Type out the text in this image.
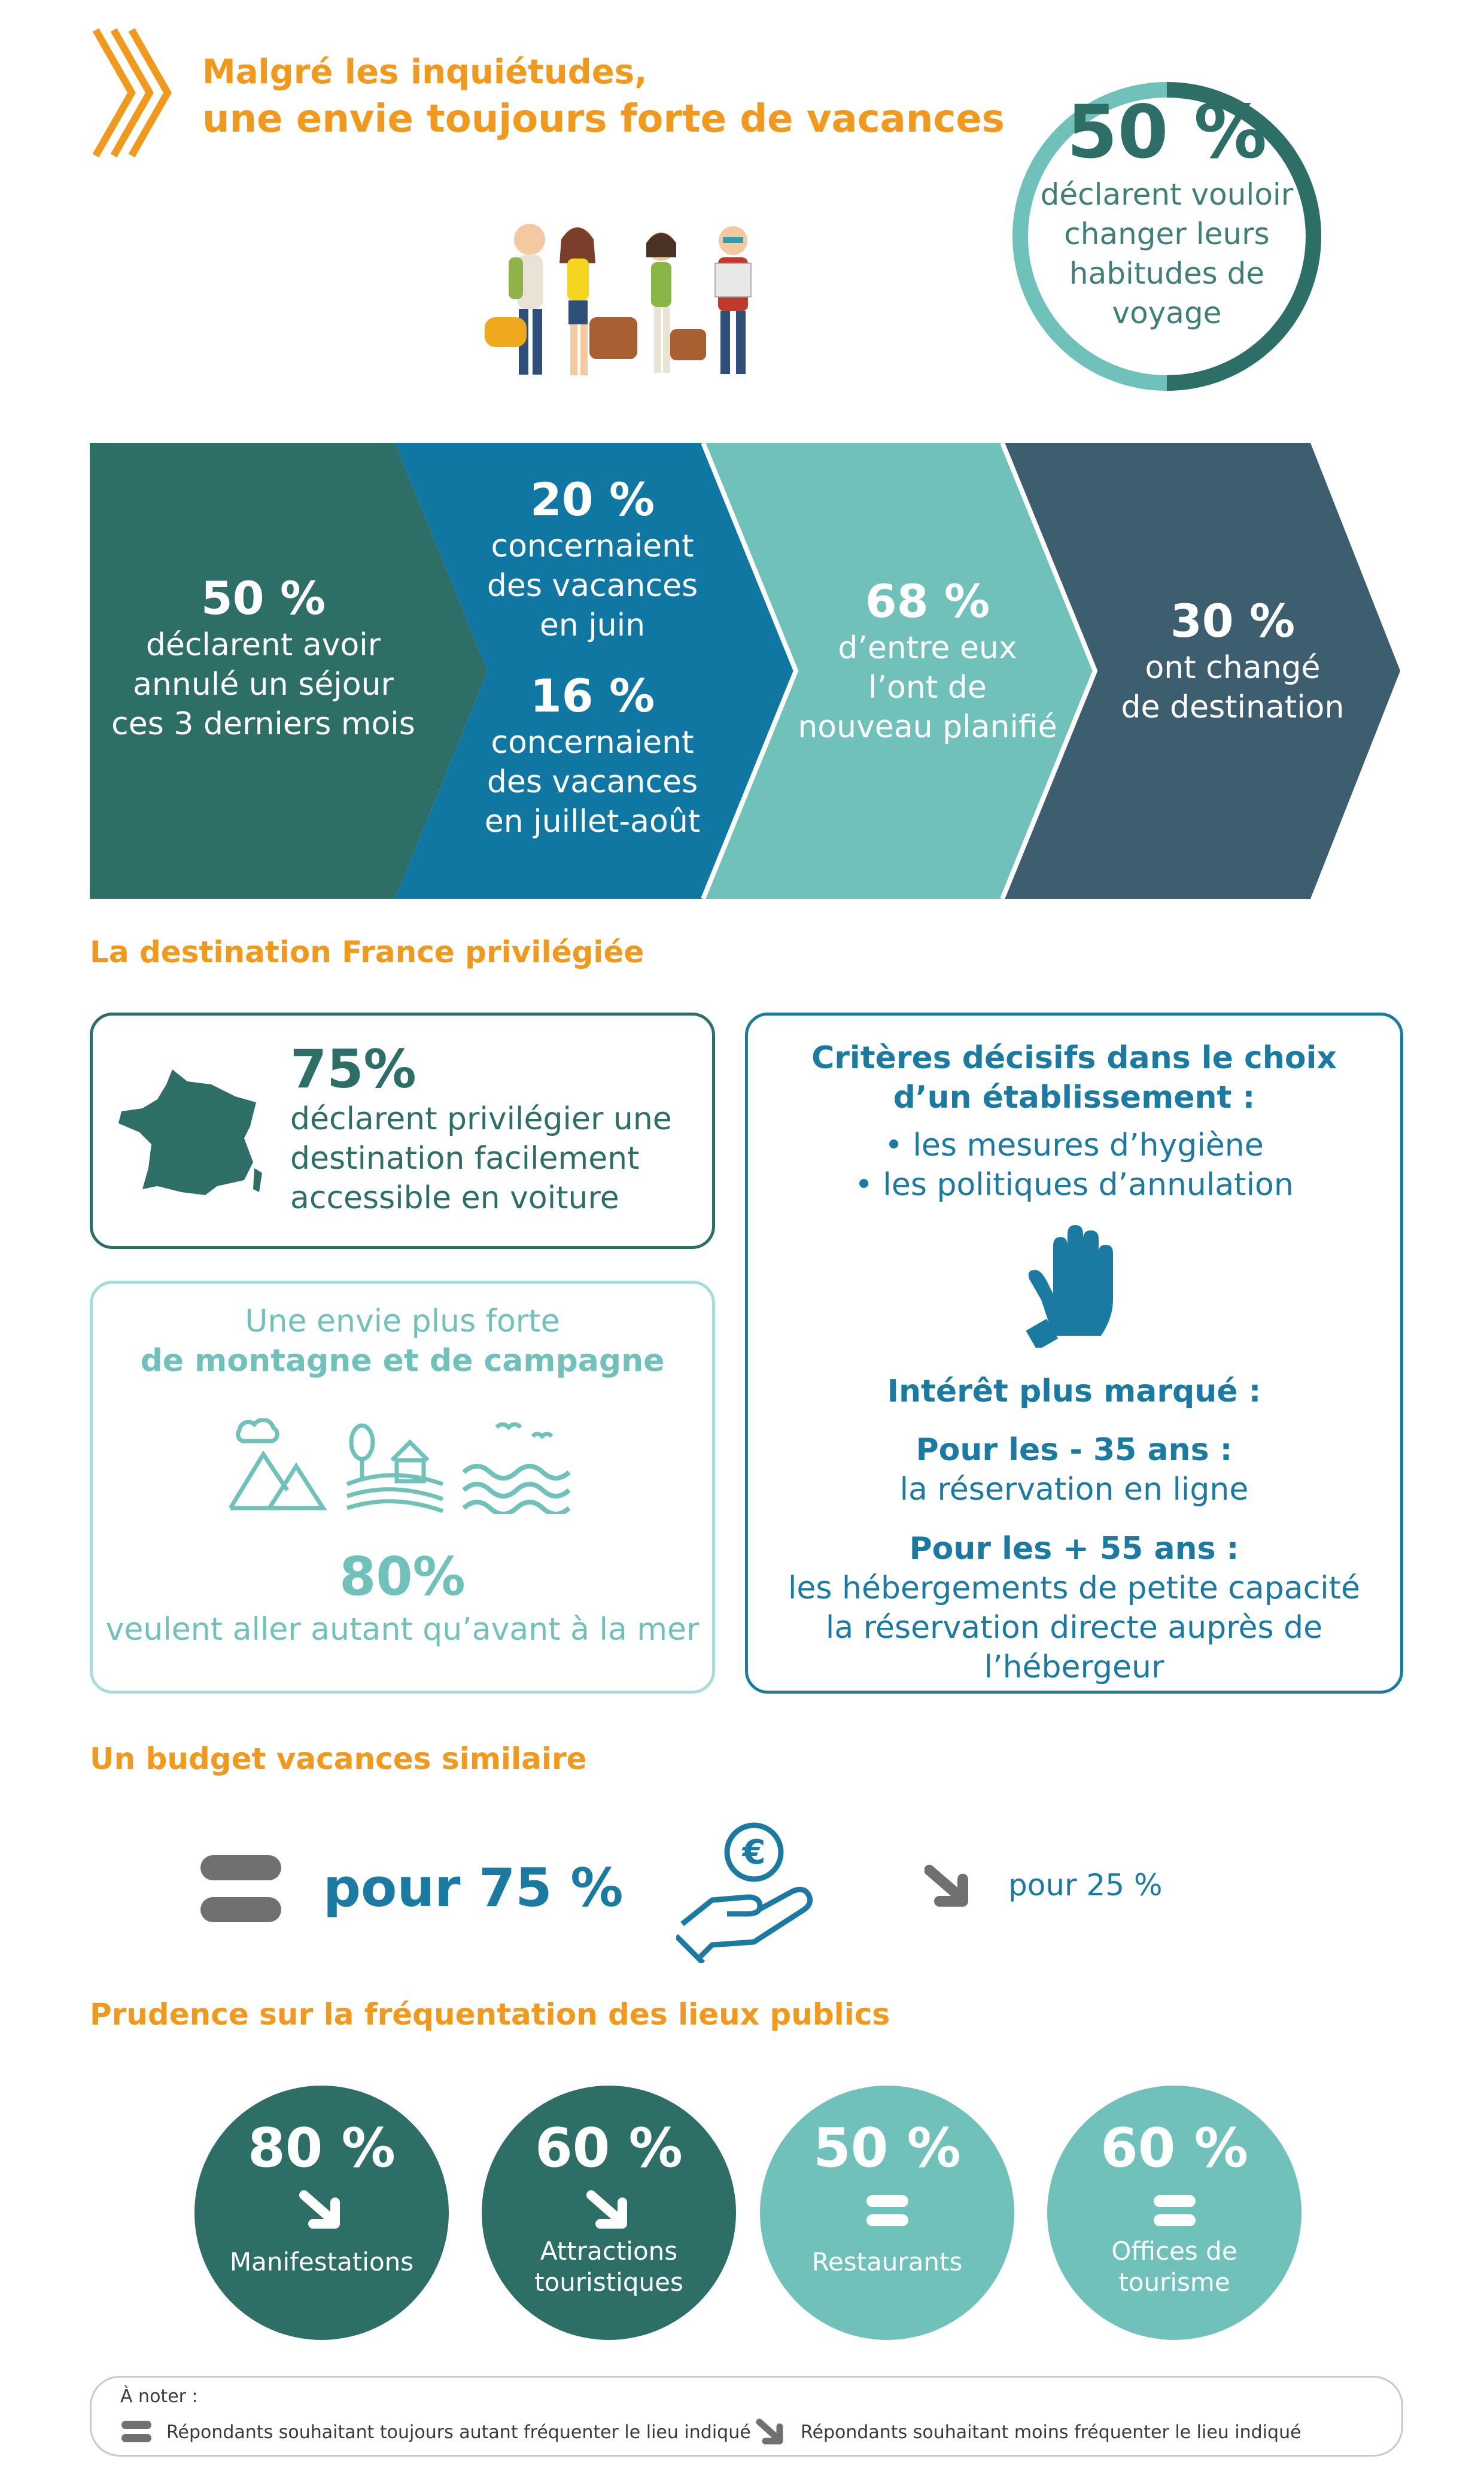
Malgré les inquiétudes,
une envie toujours forte de vacances 50 %
déclarent vouloir
changer leurs
habitudes de
voyage
50 %
déclarent avoir
annulé un séjour
ces 3 derniers mois
20 %
concernaient
des vacances
en juin
16 %
concernaient
des vacances
en juillet-août
68 %
d’entre eux
l’ont de
nouveau planifié
30 %
ont changé
de destination
La destination France privilégiée
75%
déclarent privilégier une
destination facilement
accessible en voiture
Une envie plus forte
de montagne et de campagne
80%
veulent aller autant qu’avant à la mer
Critères décisifs dans le choix
d’un établissement :
• les mesures d’hygiène
• les politiques d’annulation
Intérêt plus marqué :
Pour les - 35 ans :
la réservation en ligne
Pour les + 55 ans :
les hébergements de petite capacité
la réservation directe auprès de l’hébergeur
Un budget vacances similaire
pour 75 %
€
pour 25 %
Prudence sur la fréquentation des lieux publics
80 %
Manifestations
60 %
Attractions
touristiques
50 %
Restaurants
60 %
Offices de
tourisme
À noter :
Répondants souhaitant toujours autant fréquenter le lieu indiqué	Répondants souhaitant moins fréquenter le lieu indiqué
